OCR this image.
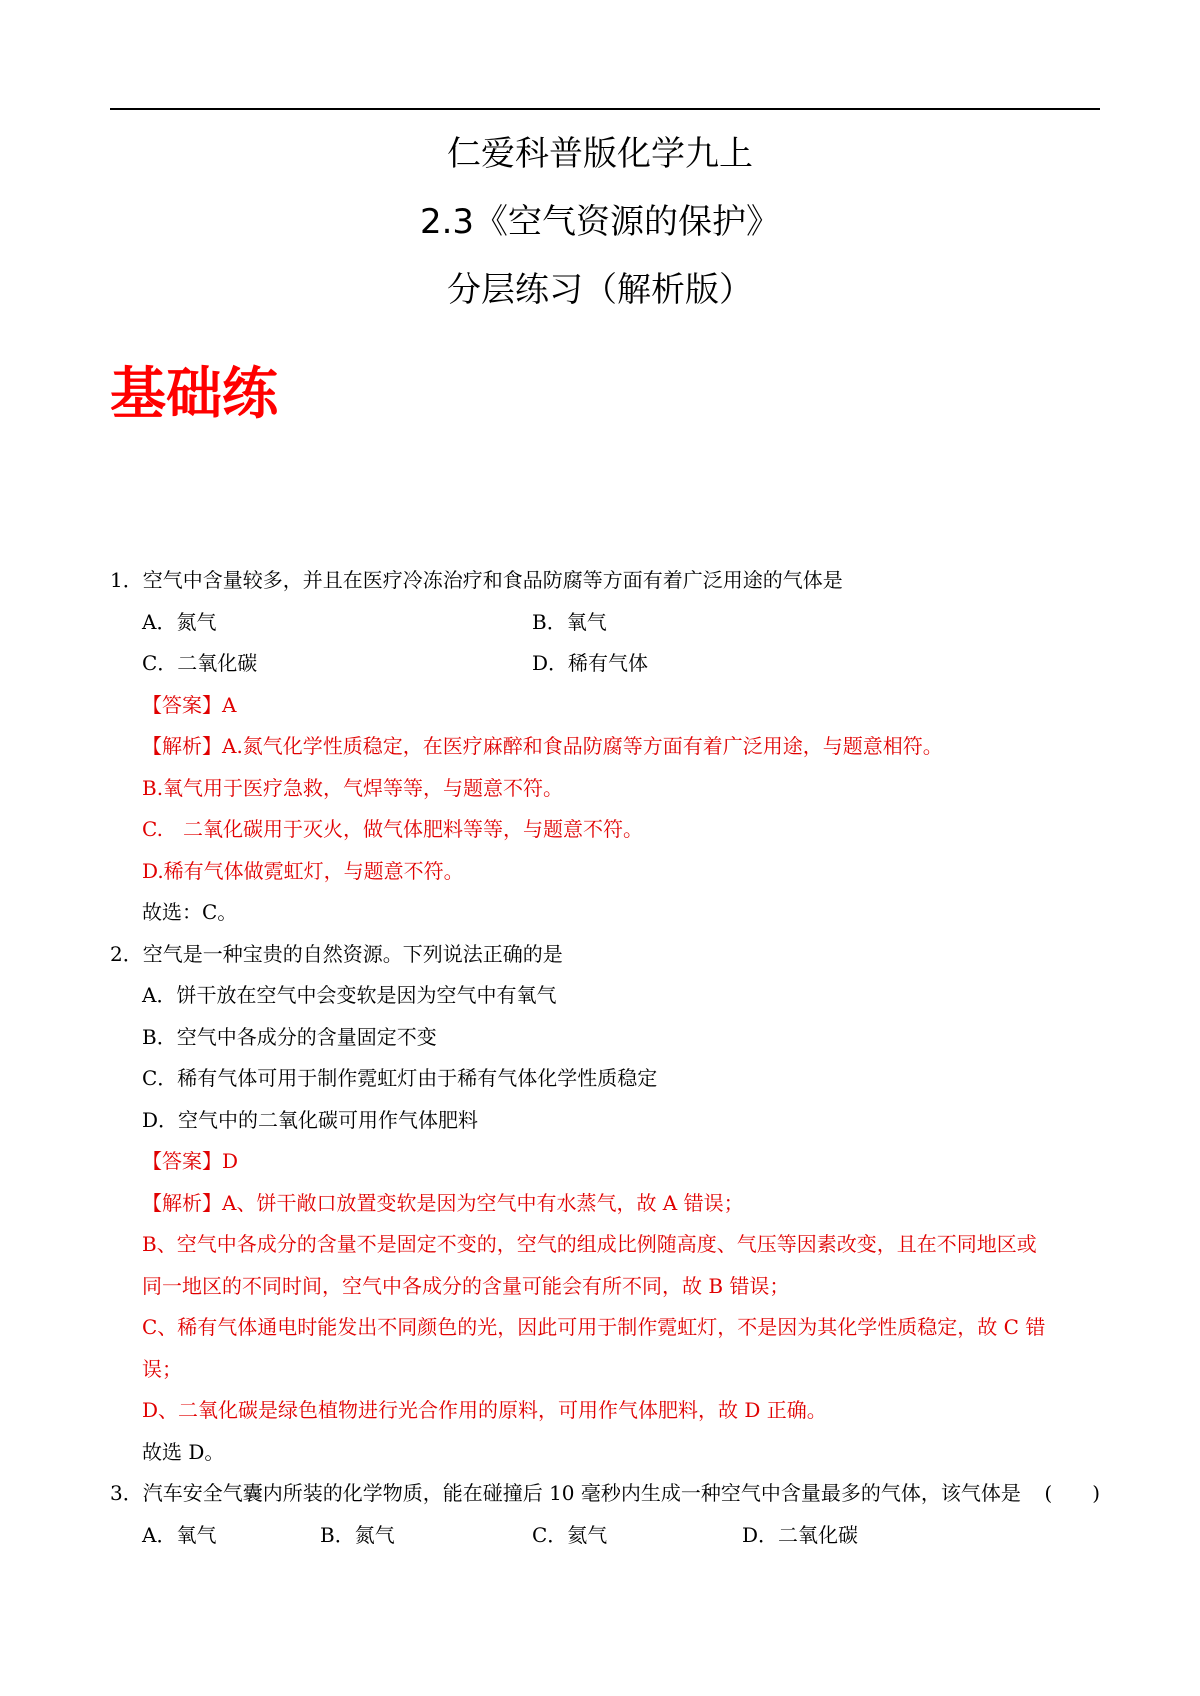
仁爱科普版化学九上
2.3《空气资源的保护》
分层练习（解析版）
基础练
1．空气中含量较多，并且在医疗冷冻治疗和食品防腐等方面有着广泛用途的气体是
A．氮气	B．氧气
C．二氧化碳	D．稀有气体
【答案】A
【解析】A.氮气化学性质稳定，在医疗麻醉和食品防腐等方面有着广泛用途，与题意相符。
B.氧气用于医疗急救，气焊等等，与题意不符。
C.　二氧化碳用于灭火，做气体肥料等等，与题意不符。
D.稀有气体做霓虹灯，与题意不符。
故选：C。
2．空气是一种宝贵的自然资源。下列说法正确的是
A．饼干放在空气中会变软是因为空气中有氧气
B．空气中各成分的含量固定不变
C．稀有气体可用于制作霓虹灯由于稀有气体化学性质稳定
D．空气中的二氧化碳可用作气体肥料
【答案】D
【解析】A、饼干敞口放置变软是因为空气中有水蒸气，故 A 错误；
B、空气中各成分的含量不是固定不变的，空气的组成比例随高度、气压等因素改变，且在不同地区或
同一地区的不同时间，空气中各成分的含量可能会有所不同，故 B 错误；
C、稀有气体通电时能发出不同颜色的光，因此可用于制作霓虹灯，不是因为其化学性质稳定，故 C 错
误；
D、二氧化碳是绿色植物进行光合作用的原料，可用作气体肥料，故 D 正确。
故选 D。
3．汽车安全气囊内所装的化学物质，能在碰撞后 10 毫秒内生成一种空气中含量最多的气体，该气体是 (　　)
A．氧气	B．氮气	C．氦气	D．二氧化碳
